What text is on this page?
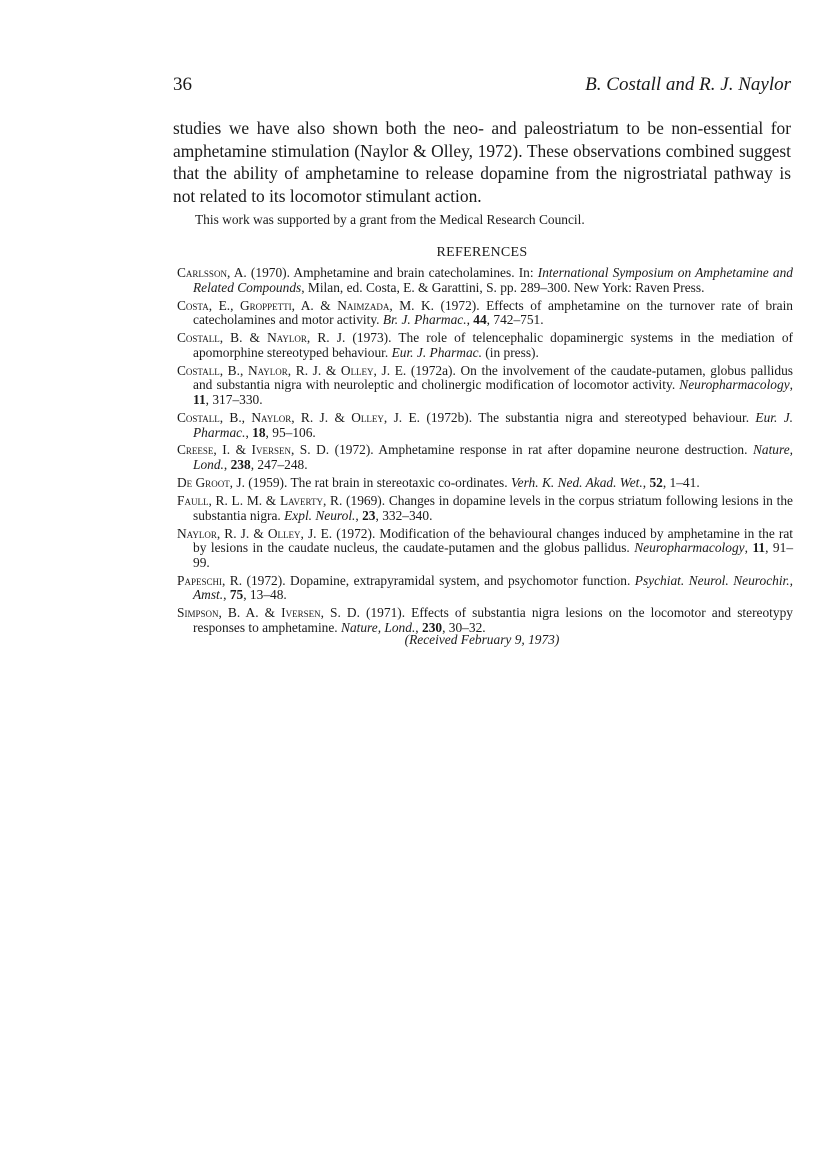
36	B. Costall and R. J. Naylor

studies we have also shown both the neo- and paleostriatum to be non-essential for amphetamine stimulation (Naylor & Olley, 1972). These observations combined suggest that the ability of amphetamine to release dopamine from the nigrostriatal pathway is not related to its locomotor stimulant action.

This work was supported by a grant from the Medical Research Council.

REFERENCES

Carlsson, A. (1970). Amphetamine and brain catecholamines. In: International Symposium on Amphetamine and Related Compounds, Milan, ed. Costa, E. & Garattini, S. pp. 289–300. New York: Raven Press.
Costa, E., Groppetti, A. & Naimzada, M. K. (1972). Effects of amphetamine on the turnover rate of brain catecholamines and motor activity. Br. J. Pharmac., 44, 742–751.
Costall, B. & Naylor, R. J. (1973). The role of telencephalic dopaminergic systems in the mediation of apomorphine stereotyped behaviour. Eur. J. Pharmac. (in press).
Costall, B., Naylor, R. J. & Olley, J. E. (1972a). On the involvement of the caudate-putamen, globus pallidus and substantia nigra with neuroleptic and cholinergic modification of locomotor activity. Neuropharmacology, 11, 317–330.
Costall, B., Naylor, R. J. & Olley, J. E. (1972b). The substantia nigra and stereotyped behaviour. Eur. J. Pharmac., 18, 95–106.
Creese, I. & Iversen, S. D. (1972). Amphetamine response in rat after dopamine neurone destruction. Nature, Lond., 238, 247–248.
De Groot, J. (1959). The rat brain in stereotaxic co-ordinates. Verh. K. Ned. Akad. Wet., 52, 1–41.
Faull, R. L. M. & Laverty, R. (1969). Changes in dopamine levels in the corpus striatum following lesions in the substantia nigra. Expl. Neurol., 23, 332–340.
Naylor, R. J. & Olley, J. E. (1972). Modification of the behavioural changes induced by amphetamine in the rat by lesions in the caudate nucleus, the caudate-putamen and the globus pallidus. Neuropharmacology, 11, 91–99.
Papeschi, R. (1972). Dopamine, extrapyramidal system, and psychomotor function. Psychiat. Neurol. Neurochir., Amst., 75, 13–48.
Simpson, B. A. & Iversen, S. D. (1971). Effects of substantia nigra lesions on the locomotor and stereotypy responses to amphetamine. Nature, Lond., 230, 30–32.

(Received February 9, 1973)
